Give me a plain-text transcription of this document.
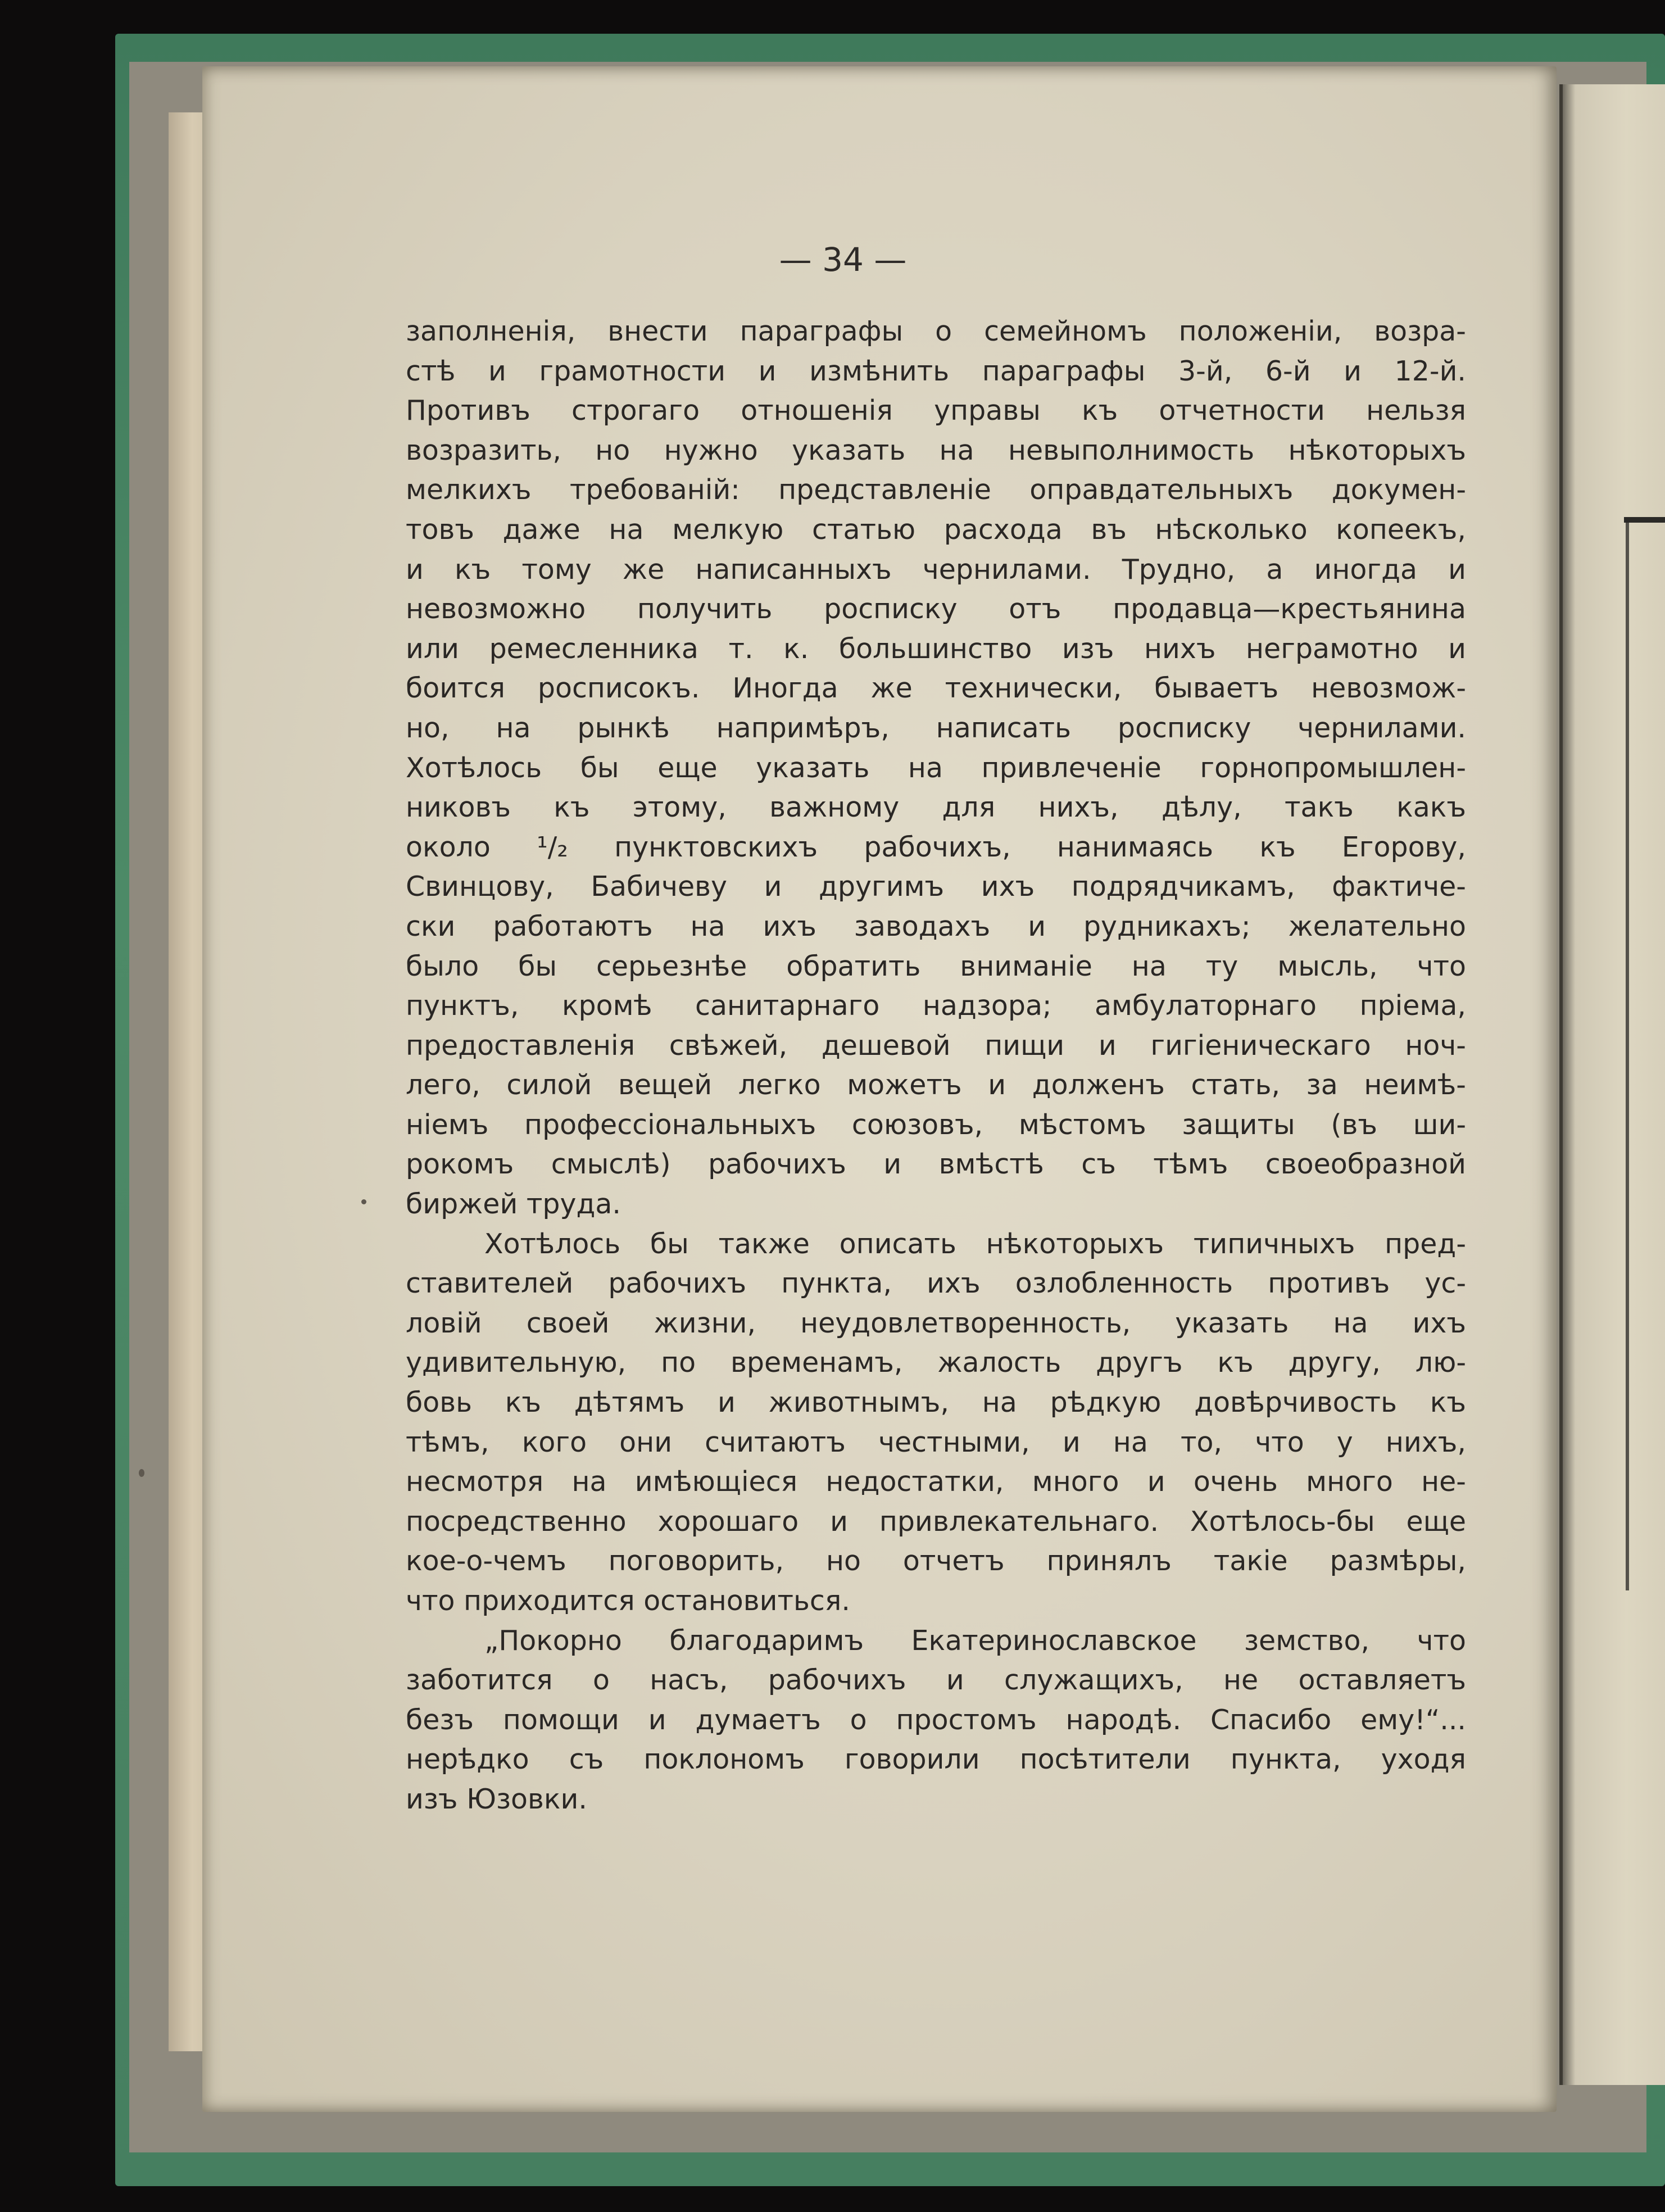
— 34 —
заполненія, внести параграфы о семейномъ положеніи, возра-
стѣ и грамотности и измѣнить параграфы 3-й, 6-й и 12-й.
Противъ строгаго отношенія управы къ отчетности нельзя
возразить, но нужно указать на невыполнимость нѣкоторыхъ
мелкихъ требованій: представленіе оправдательныхъ докумен-
товъ даже на мелкую статью расхода въ нѣсколько копеекъ,
и къ тому же написанныхъ чернилами. Трудно, а иногда и
невозможно получить росписку отъ продавца—крестьянина
или ремесленника т. к. большинство изъ нихъ неграмотно и
боится росписокъ. Иногда же технически, бываетъ невозмож-
но, на рынкѣ напримѣръ, написать росписку чернилами.
Хотѣлось бы еще указать на привлеченіе горнопромышлен-
никовъ къ этому, важному для нихъ, дѣлу, такъ какъ
около ¹/₂ пунктовскихъ рабочихъ, нанимаясь къ Егорову,
Свинцову, Бабичеву и другимъ ихъ подрядчикамъ, фактиче-
ски работаютъ на ихъ заводахъ и рудникахъ; желательно
было бы серьезнѣе обратить вниманіе на ту мысль, что
пунктъ, кромѣ санитарнаго надзора; амбулаторнаго пріема,
предоставленія свѣжей, дешевой пищи и гигіеническаго ноч-
лего, силой вещей легко можетъ и долженъ стать, за неимѣ-
ніемъ профессіональныхъ союзовъ, мѣстомъ защиты (въ ши-
рокомъ смыслѣ) рабочихъ и вмѣстѣ съ тѣмъ своеобразной
биржей труда.
Хотѣлось бы также описать нѣкоторыхъ типичныхъ пред-
ставителей рабочихъ пункта, ихъ озлобленность противъ ус-
ловій своей жизни, неудовлетворенность, указать на ихъ
удивительную, по временамъ, жалость другъ къ другу, лю-
бовь къ дѣтямъ и животнымъ, на рѣдкую довѣрчивость къ
тѣмъ, кого они считаютъ честными, и на то, что у нихъ,
несмотря на имѣющіеся недостатки, много и очень много не-
посредственно хорошаго и привлекательнаго. Хотѣлось-бы еще
кое-о-чемъ поговорить, но отчетъ принялъ такіе размѣры,
что приходится остановиться.
„Покорно благодаримъ Екатеринославское земство, что
заботится о насъ, рабочихъ и служащихъ, не оставляетъ
безъ помощи и думаетъ о простомъ народѣ. Спасибо ему!“...
нерѣдко съ поклономъ говорили посѣтители пункта, уходя
изъ Юзовки.
